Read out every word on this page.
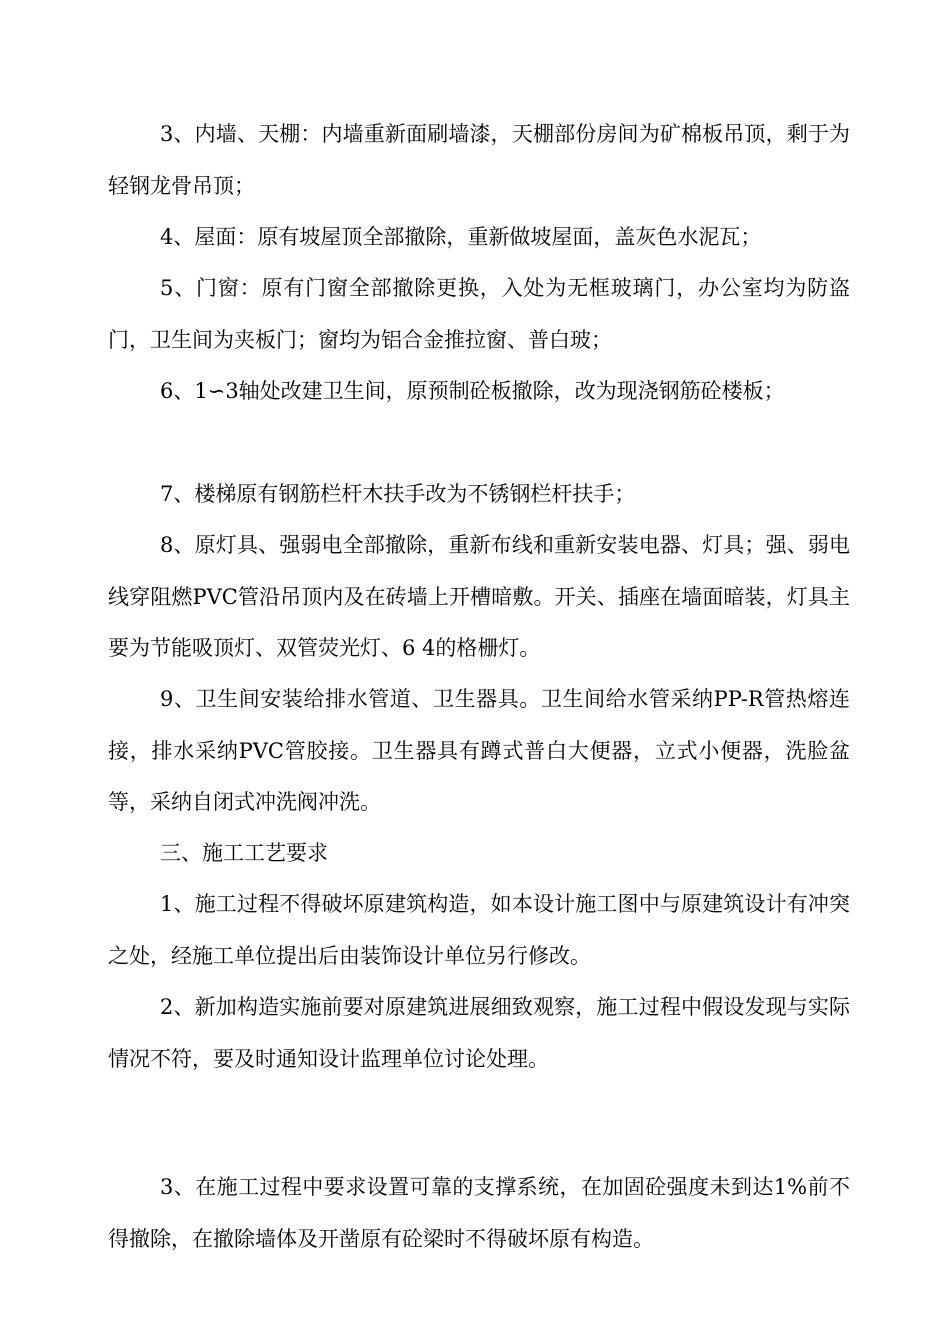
3、内墙、天棚：内墙重新面刷墙漆，天棚部份房间为矿棉板吊顶，剩于为轻钢龙骨吊顶；

4、屋面：原有坡屋顶全部撤除，重新做坡屋面，盖灰色水泥瓦；

5、门窗：原有门窗全部撤除更换，入处为无框玻璃门，办公室均为防盗门，卫生间为夹板门；窗均为铝合金推拉窗、普白玻；

6、1∽3轴处改建卫生间，原预制砼板撤除，改为现浇钢筋砼楼板；

7、楼梯原有钢筋栏杆木扶手改为不锈钢栏杆扶手；

8、原灯具、强弱电全部撤除，重新布线和重新安装电器、灯具；强、弱电线穿阻燃PVC管沿吊顶内及在砖墙上开槽暗敷。开关、插座在墙面暗装，灯具主要为节能吸顶灯、双管荧光灯、6 4的格栅灯。

9、卫生间安装给排水管道、卫生器具。卫生间给水管采纳PP-R管热熔连接，排水采纳PVC管胶接。卫生器具有蹲式普白大便器，立式小便器，洗脸盆等，采纳自闭式冲洗阀冲洗。

三、施工工艺要求

1、施工过程不得破坏原建筑构造，如本设计施工图中与原建筑设计有冲突之处，经施工单位提出后由装饰设计单位另行修改。

2、新加构造实施前要对原建筑进展细致观察，施工过程中假设发现与实际情况不符，要及时通知设计监理单位讨论处理。

3、在施工过程中要求设置可靠的支撑系统，在加固砼强度未到达1%前不得撤除，在撤除墙体及开凿原有砼梁时不得破坏原有构造。
